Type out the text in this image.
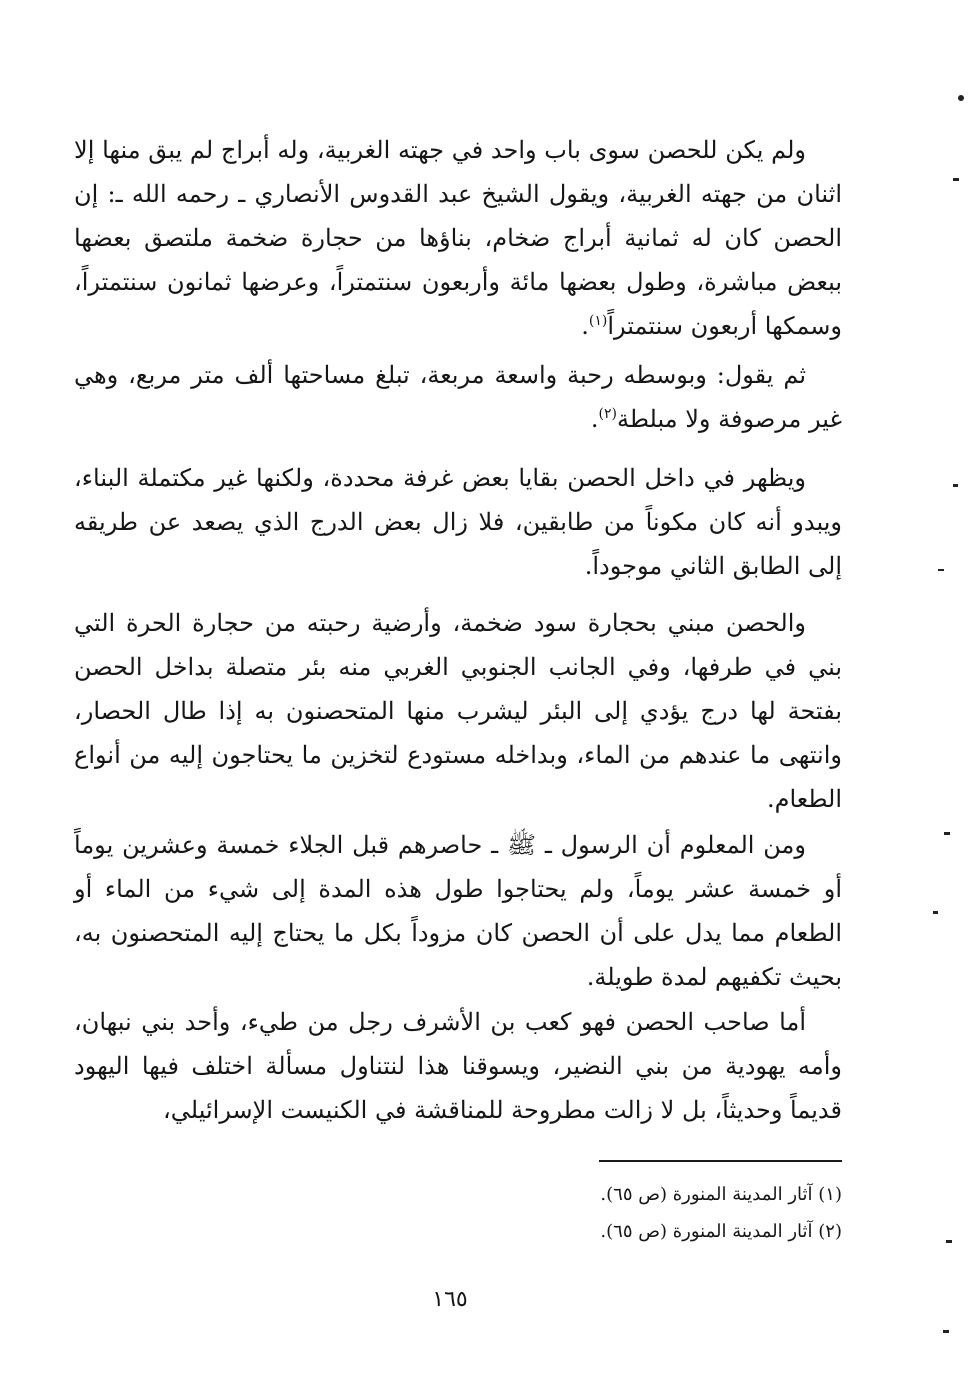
ولم يكن للحصن سوى باب واحد في جهته الغربية، وله أبراج لم يبق منها إلا اثنان من جهته الغربية، ويقول الشيخ عبد القدوس الأنصاري ـ رحمه الله ـ: إن الحصن كان له ثمانية أبراج ضخام، بناؤها من حجارة ضخمة ملتصق بعضها ببعض مباشرة، وطول بعضها مائة وأربعون سنتمتراً، وعرضها ثمانون سنتمتراً، وسمكها أربعون سنتمتراً$^{(١)}$.

ثم يقول: وبوسطه رحبة واسعة مربعة، تبلغ مساحتها ألف متر مربع، وهي غير مرصوفة ولا مبلطة$^{(٢)}$.

ويظهر في داخل الحصن بقايا بعض غرفة محددة، ولكنها غير مكتملة البناء، ويبدو أنه كان مكوناً من طابقين، فلا زال بعض الدرج الذي يصعد عن طريقه إلى الطابق الثاني موجوداً.

والحصن مبني بحجارة سود ضخمة، وأرضية رحبته من حجارة الحرة التي بني في طرفها، وفي الجانب الجنوبي الغربي منه بئر متصلة بداخل الحصن بفتحة لها درج يؤدي إلى البئر ليشرب منها المتحصنون به إذا طال الحصار، وانتهى ما عندهم من الماء، وبداخله مستودع لتخزين ما يحتاجون إليه من أنواع الطعام.

ومن المعلوم أن الرسول ـ ﷺ ـ حاصرهم قبل الجلاء خمسة وعشرين يوماً أو خمسة عشر يوماً، ولم يحتاجوا طول هذه المدة إلى شيء من الماء أو الطعام مما يدل على أن الحصن كان مزوداً بكل ما يحتاج إليه المتحصنون به، بحيث تكفيهم لمدة طويلة.

أما صاحب الحصن فهو كعب بن الأشرف رجل من طيء، وأحد بني نبهان، وأمه يهودية من بني النضير، ويسوقنا هذا لنتناول مسألة اختلف فيها اليهود قديماً وحديثاً، بل لا زالت مطروحة للمناقشة في الكنيست الإسرائيلي،

(١) آثار المدينة المنورة (ص ٦٥).

(٢) آثار المدينة المنورة (ص ٦٥).

١٦٥
